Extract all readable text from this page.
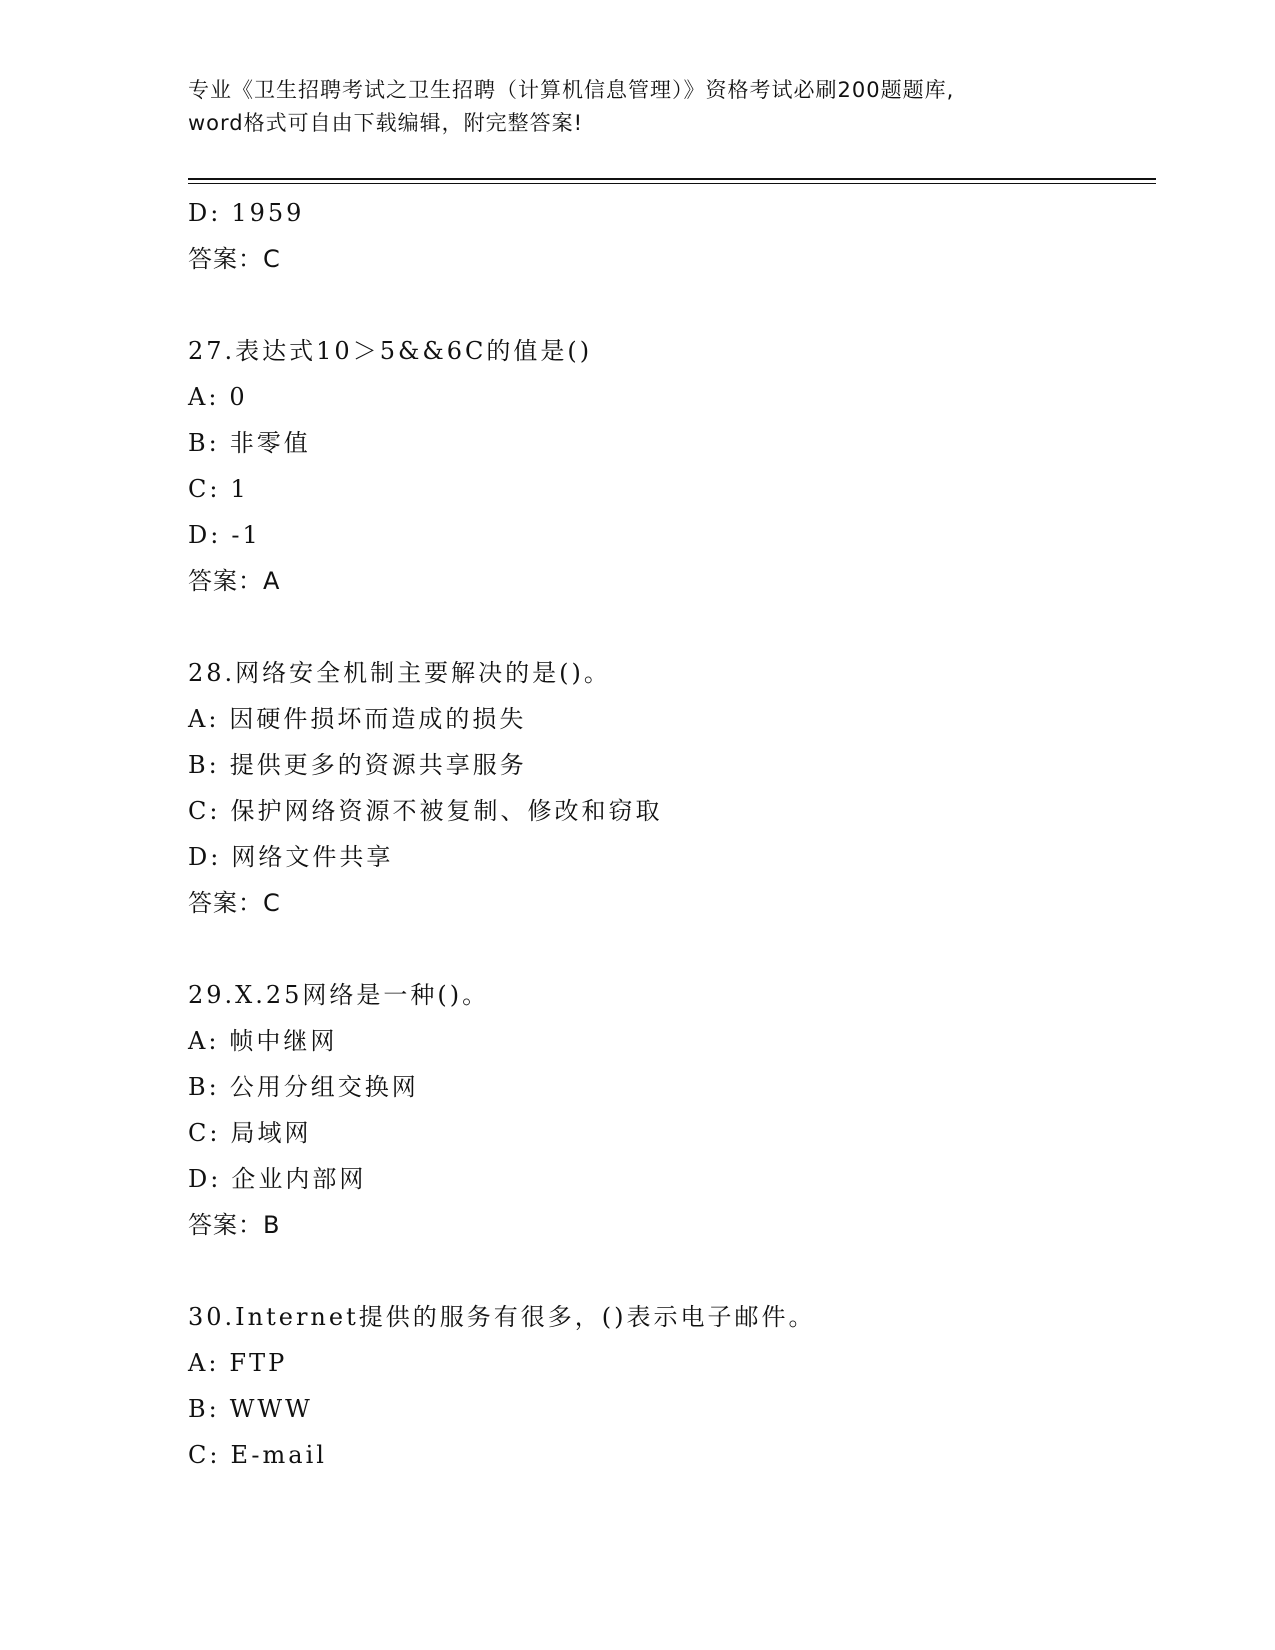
专业《卫生招聘考试之卫生招聘（计算机信息管理）》资格考试必刷200题题库,
word格式可自由下载编辑，附完整答案!
D: 1959
答案：C
27.表达式10＞5&&6C的值是()
A: 0
B: 非零值
C: 1
D: -1
答案：A
28.网络安全机制主要解决的是()。
A: 因硬件损坏而造成的损失
B: 提供更多的资源共享服务
C: 保护网络资源不被复制、修改和窃取
D: 网络文件共享
答案：C
29.X.25网络是一种()。
A: 帧中继网
B: 公用分组交换网
C: 局域网
D: 企业内部网
答案：B
30.Internet提供的服务有很多，()表示电子邮件。
A: FTP
B: WWW
C: E-mail
